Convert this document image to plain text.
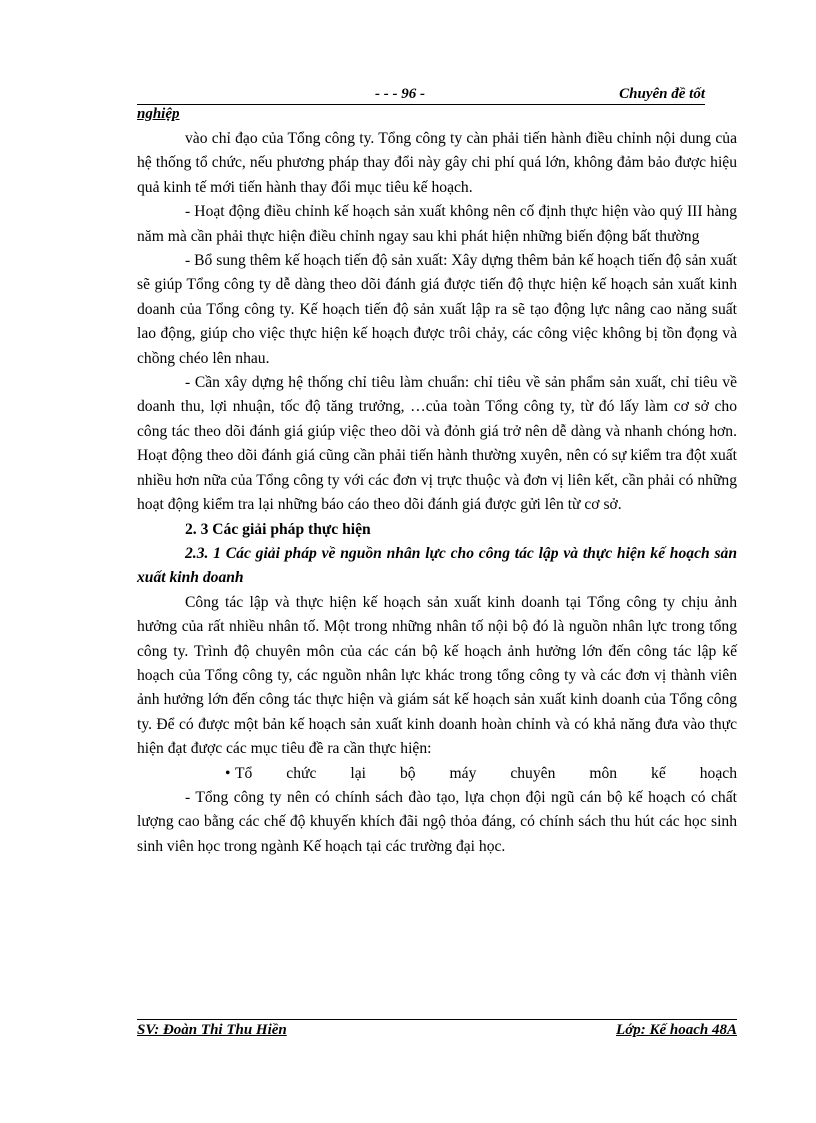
- - - 96 -	Chuyên đề tốt
nghiệp

vào chỉ đạo của Tổng công ty. Tổng công ty càn phải tiến hành điều chỉnh nội dung của hệ thống tổ chức, nếu phương pháp thay đổi này gây chi phí quá lớn, không đảm bảo được hiệu quả kinh tế mới tiến hành thay đổi mục tiêu kế hoạch.

- Hoạt động điều chỉnh kế hoạch sản xuất không nên cố định thực hiện vào quý III hàng năm mà cần phải thực hiện điều chỉnh ngay sau khi phát hiện những biến động bất thường

- Bổ sung thêm kế hoạch tiến độ sản xuất: Xây dựng thêm bản kế hoạch tiến độ sản xuất sẽ giúp Tổng công ty dễ dàng theo dõi đánh giá được tiến độ thực hiện kế hoạch sản xuất kinh doanh của Tổng công ty. Kế hoạch tiến độ sản xuất lập ra sẽ tạo động lực nâng cao năng suất lao động, giúp cho việc thực hiện kế hoạch được trôi chảy, các công việc không bị tồn đọng và chồng chéo lên nhau.

- Cần xây dựng hệ thống chỉ tiêu làm chuẩn: chỉ tiêu về sản phẩm sản xuất, chỉ tiêu về doanh thu, lợi nhuận, tốc độ tăng trưởng, …của toàn Tổng công ty, từ đó lấy làm cơ sở cho công tác theo dõi đánh giá giúp việc theo dõi và đỏnh giá trở nên dễ dàng và nhanh chóng hơn. Hoạt động theo dõi đánh giá cũng cần phải tiến hành thường xuyên, nên có sự kiểm tra đột xuất nhiều hơn nữa của Tổng công ty với các đơn vị trực thuộc và đơn vị liên kết, cần phải có những hoạt động kiểm tra lại những báo cáo theo dõi đánh giá được gửi lên từ cơ sở.

2. 3 Các giải pháp thực hiện

2.3. 1 Các giải pháp về nguồn nhân lực cho công tác lập và thực hiện kế hoạch sản xuất kinh doanh

Công tác lập và thực hiện kế hoạch sản xuất kinh doanh tại Tổng công ty chịu ảnh hưởng của rất nhiều nhân tố. Một trong những nhân tố nội bộ đó là nguồn nhân lực trong tổng công ty. Trình độ chuyên môn của các cán bộ kế hoạch ảnh hưởng lớn đến công tác lập kế hoạch của Tổng công ty, các nguồn nhân lực khác trong tổng công ty và các đơn vị thành viên ảnh hưởng lớn đến công tác thực hiện và giám sát kế hoạch sản xuất kinh doanh của Tổng công ty. Để có được một bản kế hoạch sản xuất kinh doanh hoàn chỉnh và có khả năng đưa vào thực hiện đạt được các mục tiêu đề ra cần thực hiện:

• Tổ chức lại bộ máy chuyên môn kế hoạch

- Tổng công ty nên có chính sách đào tạo, lựa chọn đội ngũ cán bộ kế hoạch có chất lượng cao bằng các chế độ khuyến khích đãi ngộ thỏa đáng, có chính sách thu hút các học sinh sinh viên học trong ngành Kế hoạch tại các trường đại học.

SV: Đoàn Thi Thu Hiền	Lớp: Kế hoach 48A
